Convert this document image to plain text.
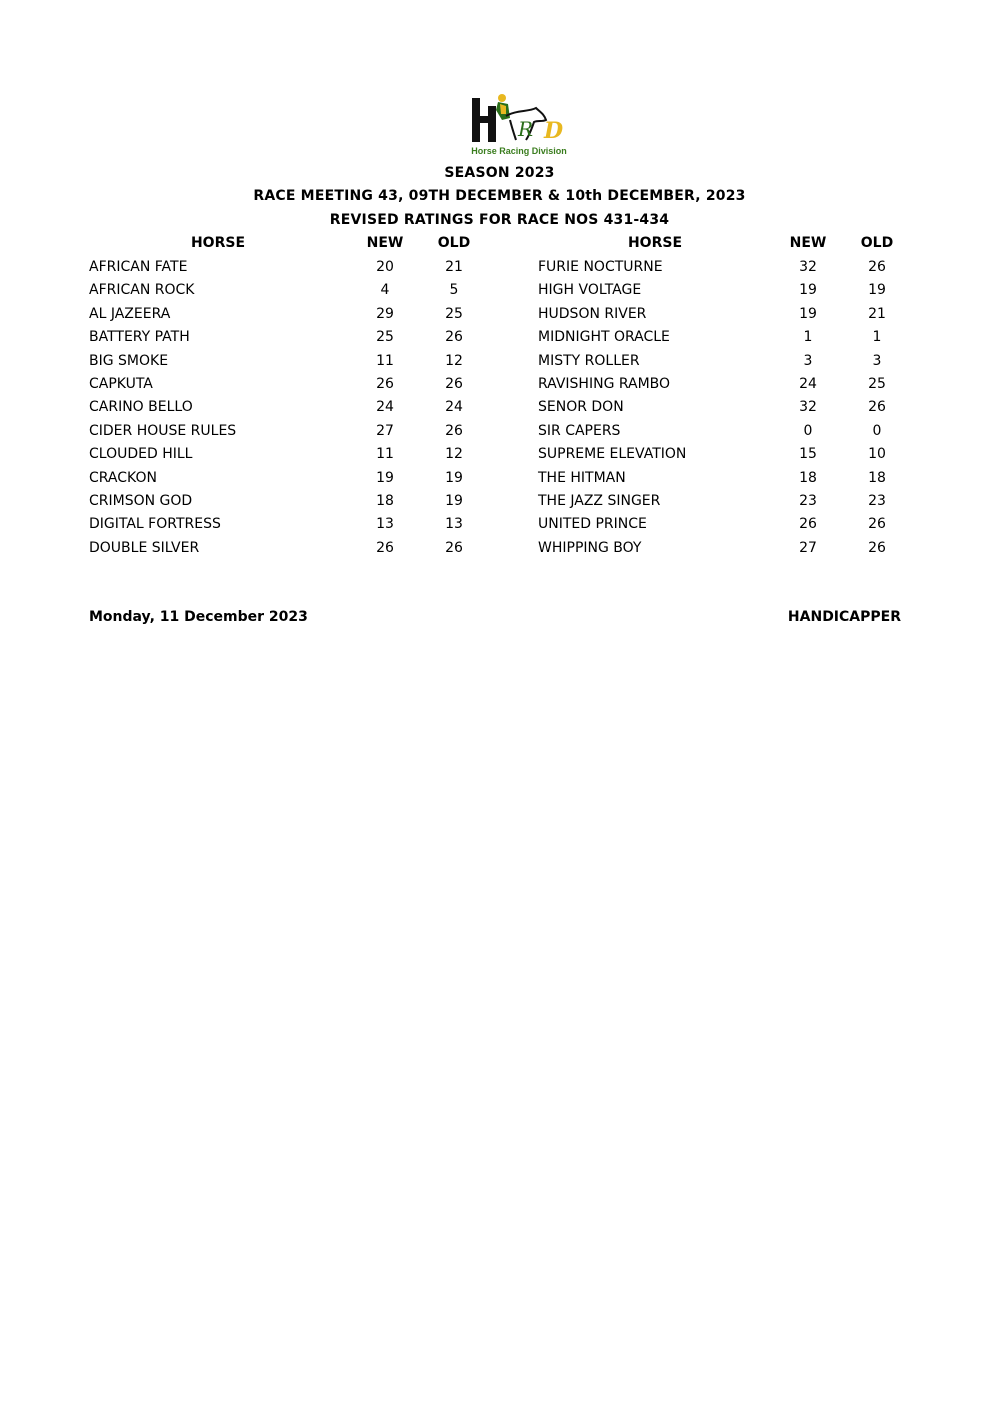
R D
Horse Racing Division
SEASON 2023
RACE MEETING 43, 09TH DECEMBER & 10th DECEMBER, 2023
REVISED RATINGS FOR RACE NOS 431-434
HORSE	NEW	OLD	HORSE	NEW	OLD
AFRICAN FATE	20	21	FURIE NOCTURNE	32	26
AFRICAN ROCK	4	5	HIGH VOLTAGE	19	19
AL JAZEERA	29	25	HUDSON RIVER	19	21
BATTERY PATH	25	26	MIDNIGHT ORACLE	1	1
BIG SMOKE	11	12	MISTY ROLLER	3	3
CAPKUTA	26	26	RAVISHING RAMBO	24	25
CARINO BELLO	24	24	SENOR DON	32	26
CIDER HOUSE RULES	27	26	SIR CAPERS	0	0
CLOUDED HILL	11	12	SUPREME ELEVATION	15	10
CRACKON	19	19	THE HITMAN	18	18
CRIMSON GOD	18	19	THE JAZZ SINGER	23	23
DIGITAL FORTRESS	13	13	UNITED PRINCE	26	26
DOUBLE SILVER	26	26	WHIPPING BOY	27	26
Monday, 11 December 2023	HANDICAPPER
